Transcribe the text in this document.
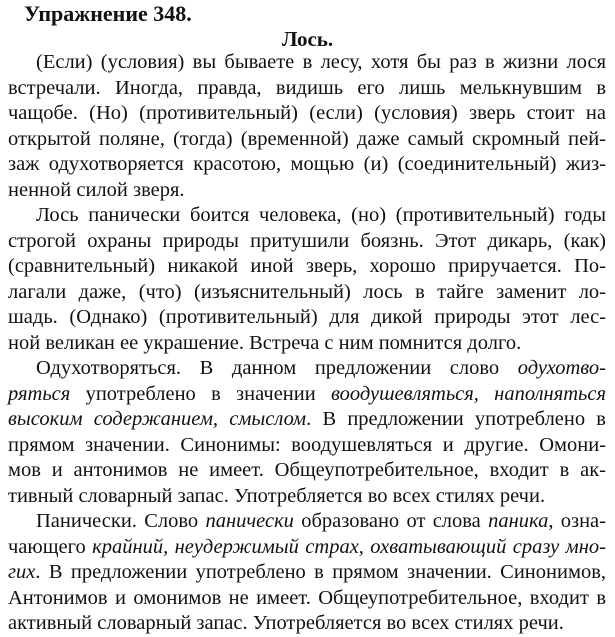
Упражнение 348.
Лось.
(Если) (условия) вы бываете в лесу, хотя бы раз в жизни лося
встречали. Иногда, правда, видишь его лишь мелькнувшим в
чащобе. (Но) (противительный) (если) (условия) зверь стоит на
открытой поляне, (тогда) (временной) даже самый скромный пей-
заж одухотворяется красотою, мощью (и) (соединительный) жиз-
ненной силой зверя.
Лось панически боится человека, (но) (противительный) годы
строгой охраны природы притушили боязнь. Этот дикарь, (как)
(сравнительный) никакой иной зверь, хорошо приручается. По-
лагали даже, (что) (изъяснительный) лось в тайге заменит ло-
шадь. (Однако) (противительный) для дикой природы этот лес-
ной великан ее украшение. Встреча с ним помнится долго.
Одухотворяться. В данном предложении слово одухотво-
ряться употреблено в значении воодушевляться, наполняться
высоким содержанием, смыслом. В предложении употреблено в
прямом значении. Синонимы: воодушевляться и другие. Омони-
мов и антонимов не имеет. Общеупотребительное, входит в ак-
тивный словарный запас. Употребляется во всех стилях речи.
Панически. Слово панически образовано от слова паника, озна-
чающего крайний, неудержимый страх, охватывающий сразу мно-
гих. В предложении употреблено в прямом значении. Синонимов,
Антонимов и омонимов не имеет. Общеупотребительное, входит в
активный словарный запас. Употребляется во всех стилях речи.
